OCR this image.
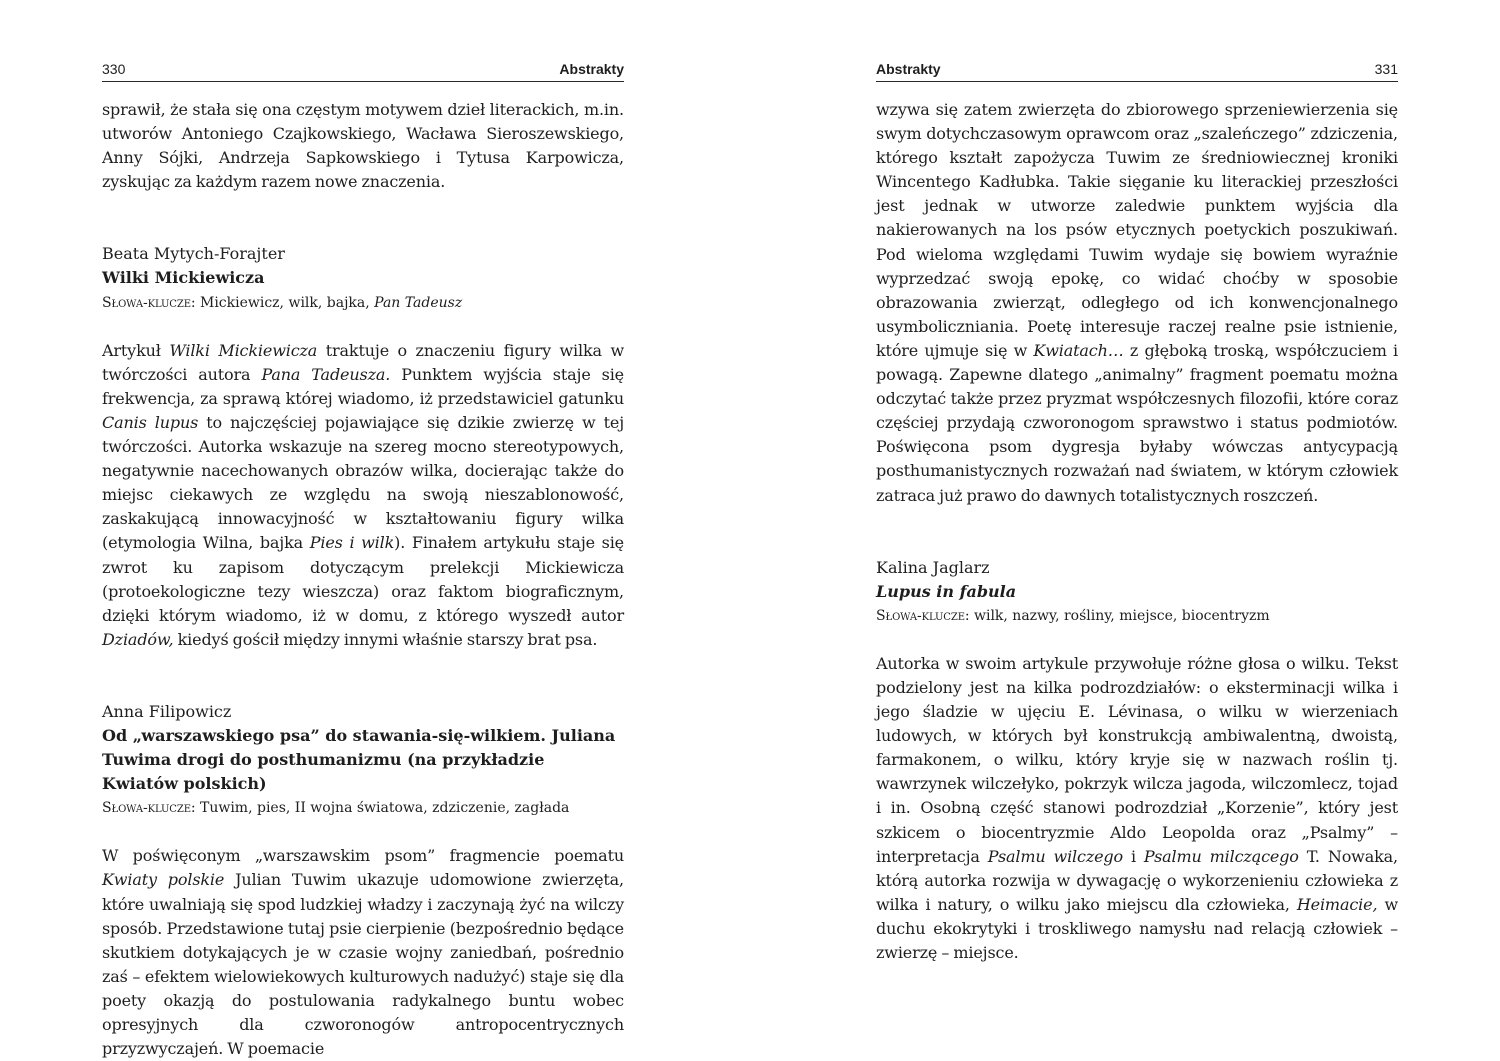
330	Abstrakty

sprawił, że stała się ona częstym motywem dzieł literackich, m.in. utworów Antoniego Czajkowskiego, Wacława Sieroszewskiego, Anny Sójki, Andrzeja Sapkowskiego i Tytusa Karpowicza, zyskując za każdym razem nowe znaczenia.

Beata Mytych-Forajter

Wilki Mickiewicza

Słowa-klucze: Mickiewicz, wilk, bajka, Pan Tadeusz

Artykuł Wilki Mickiewicza traktuje o znaczeniu figury wilka w twórczości autora Pana Tadeusza. Punktem wyjścia staje się frekwencja, za sprawą której wiadomo, iż przedstawiciel gatunku Canis lupus to najczęściej pojawiające się dzikie zwierzę w tej twórczości. Autorka wskazuje na szereg mocno stereotypowych, negatywnie nacechowanych obrazów wilka, docierając także do miejsc ciekawych ze względu na swoją nieszablonowość, zaskakującą innowacyjność w kształtowaniu figury wilka (etymologia Wilna, bajka Pies i wilk). Finałem artykułu staje się zwrot ku zapisom dotyczącym prelekcji Mickiewicza (protoekologiczne tezy wieszcza) oraz faktom biograficznym, dzięki którym wiadomo, iż w domu, z którego wyszedł autor Dziadów, kiedyś gościł między innymi właśnie starszy brat psa.

Anna Filipowicz

Od „warszawskiego psa” do stawania-się-wilkiem. Juliana Tuwima drogi do posthumanizmu (na przykładzie Kwiatów polskich)

Słowa-klucze: Tuwim, pies, II wojna światowa, zdziczenie, zagłada

W poświęconym „warszawskim psom” fragmencie poematu Kwiaty polskie Julian Tuwim ukazuje udomowione zwierzęta, które uwalniają się spod ludzkiej władzy i zaczynają żyć na wilczy sposób. Przedstawione tutaj psie cierpienie (bezpośrednio będące skutkiem dotykających je w czasie wojny zaniedbań, pośrednio zaś – efektem wielowiekowych kulturowych nadużyć) staje się dla poety okazją do postulowania radykalnego buntu wobec opresyjnych dla czworonogów antropocentrycznych przyzwyczajeń. W poemacie

Abstrakty	331

wzywa się zatem zwierzęta do zbiorowego sprzeniewierzenia się swym dotychczasowym oprawcom oraz „szaleńczego” zdziczenia, którego kształt zapożycza Tuwim ze średniowiecznej kroniki Wincentego Kadłubka. Takie sięganie ku literackiej przeszłości jest jednak w utworze zaledwie punktem wyjścia dla nakierowanych na los psów etycznych poetyckich poszukiwań. Pod wieloma względami Tuwim wydaje się bowiem wyraźnie wyprzedzać swoją epokę, co widać choćby w sposobie obrazowania zwierząt, odległego od ich konwencjonalnego usymboliczniania. Poetę interesuje raczej realne psie istnienie, które ujmuje się w Kwiatach… z głęboką troską, współczuciem i powagą. Zapewne dlatego „animalny” fragment poematu można odczytać także przez pryzmat współczesnych filozofii, które coraz częściej przydają czworonogom sprawstwo i status podmiotów. Poświęcona psom dygresja byłaby wówczas antycypacją posthumanistycznych rozważań nad światem, w którym człowiek zatraca już prawo do dawnych totalistycznych roszczeń.

Kalina Jaglarz

Lupus in fabula

Słowa-klucze: wilk, nazwy, rośliny, miejsce, biocentryzm

Autorka w swoim artykule przywołuje różne głosa o wilku. Tekst podzielony jest na kilka podrozdziałów: o eksterminacji wilka i jego śladzie w ujęciu E. Lévinasa, o wilku w wierzeniach ludowych, w których był konstrukcją ambiwalentną, dwoistą, farmakonem, o wilku, który kryje się w nazwach roślin tj. wawrzynek wilczełyko, pokrzyk wilcza jagoda, wilczomlecz, tojad i in. Osobną część stanowi podrozdział „Korzenie”, który jest szkicem o biocentryzmie Aldo Leopolda oraz „Psalmy” – interpretacja Psalmu wilczego i Psalmu milczącego T. Nowaka, którą autorka rozwija w dywagację o wykorzenieniu człowieka z wilka i natury, o wilku jako miejscu dla człowieka, Heimacie, w duchu ekokrytyki i troskliwego namysłu nad relacją człowiek – zwierzę – miejsce.
